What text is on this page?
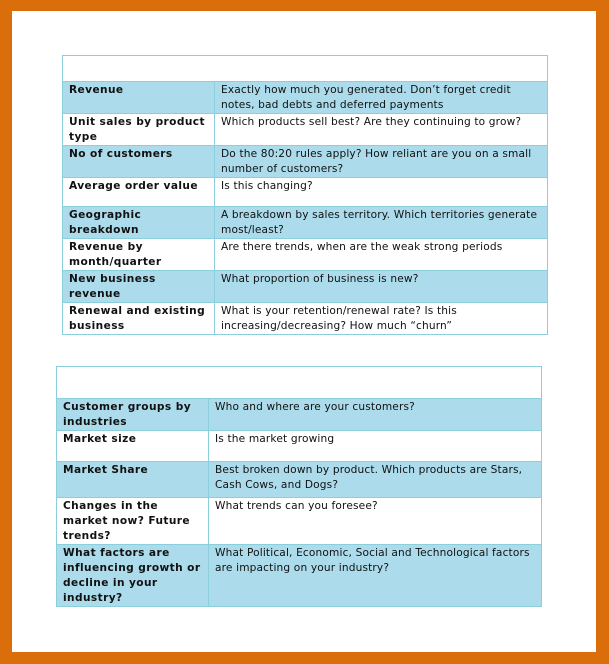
Revenue	Exactly how much you generated. Don’t forget credit notes, bad debts and deferred payments
Unit sales by product type	Which products sell best? Are they continuing to grow?
No of customers	Do the 80:20 rules apply? How reliant are you on a small number of customers?
Average order value	Is this changing?
Geographic breakdown	A breakdown by sales territory. Which territories generate most/least?
Revenue by month/quarter	Are there trends, when are the weak strong periods
New business revenue	What proportion of business is new?
Renewal and existing business	What is your retention/renewal rate? Is this increasing/decreasing? How much “churn”

Customer groups by industries	Who and where are your customers?
Market size	Is the market growing
Market Share	Best broken down by product. Which products are Stars, Cash Cows, and Dogs?
Changes in the market now? Future trends?	What trends can you foresee?
What factors are influencing growth or decline in your industry?	What Political, Economic, Social and Technological factors are impacting on your industry?
